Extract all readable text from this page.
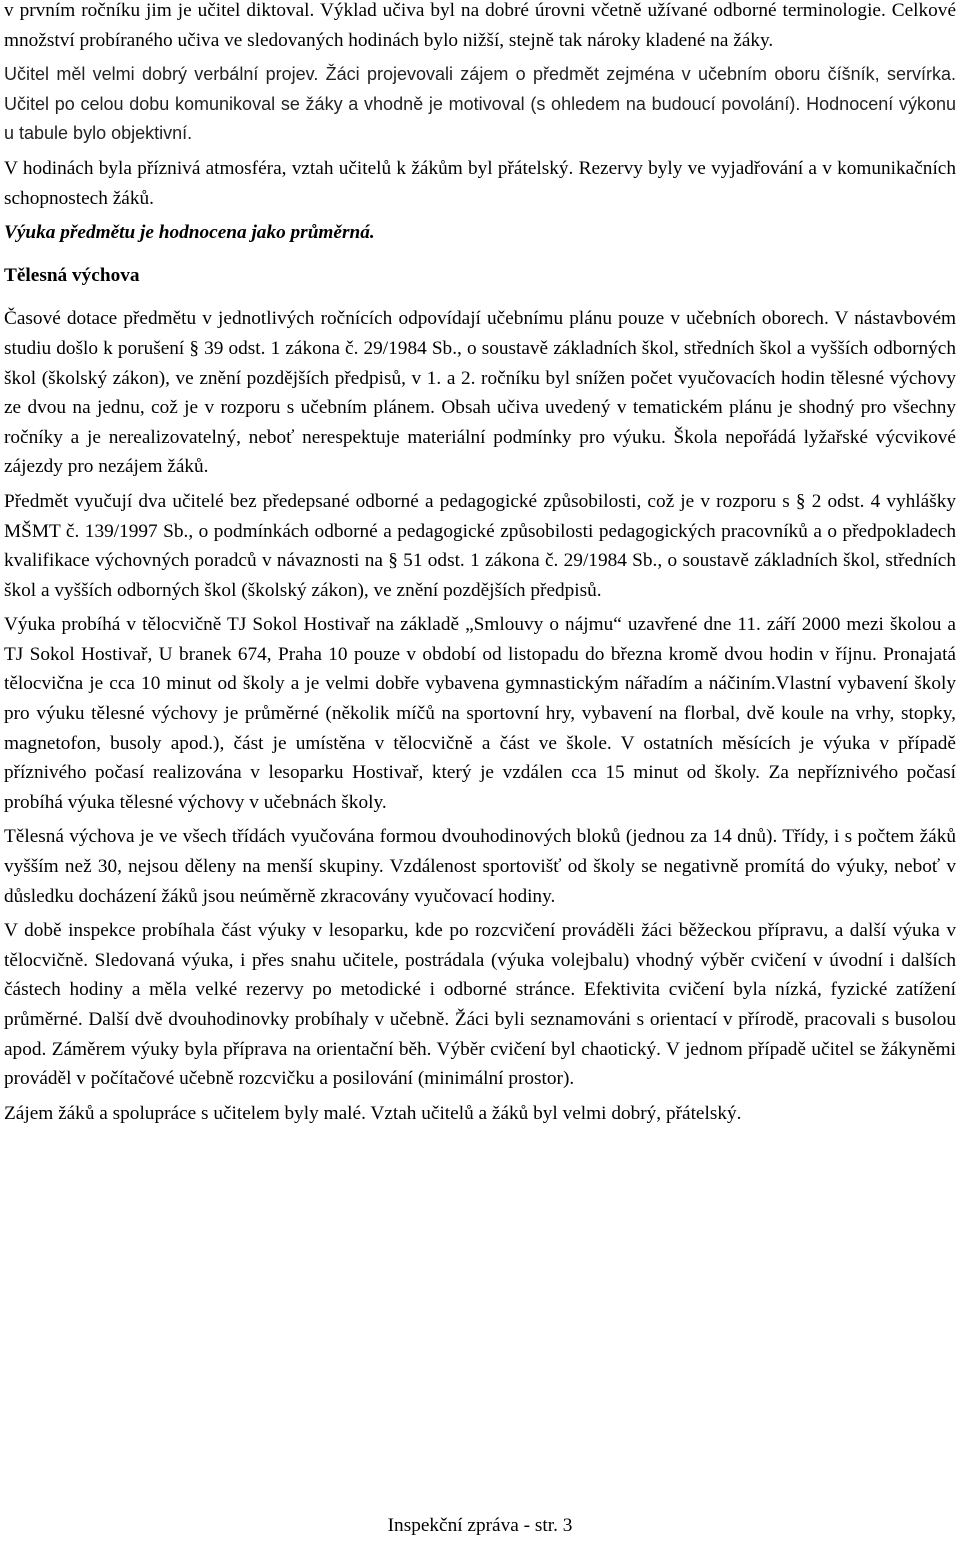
v prvním ročníku jim je učitel diktoval. Výklad učiva byl na dobré úrovni včetně užívané odborné terminologie. Celkové množství probíraného učiva ve sledovaných hodinách bylo nižší, stejně tak nároky kladené na žáky.

Učitel měl velmi dobrý verbální projev. Žáci projevovali zájem o předmět zejména v učebním oboru číšník, servírka. Učitel po celou dobu komunikoval se žáky a vhodně je motivoval (s ohledem na budoucí povolání). Hodnocení výkonu u tabule bylo objektivní.

V hodinách byla příznivá atmosféra, vztah učitelů k žákům byl přátelský. Rezervy byly ve vyjadřování a v komunikačních schopnostech žáků.

Výuka předmětu je hodnocena jako průměrná.

Tělesná výchova

Časové dotace předmětu v jednotlivých ročnících odpovídají učebnímu plánu pouze v učebních oborech. V nástavbovém studiu došlo k porušení § 39 odst. 1 zákona č. 29/1984 Sb., o soustavě základních škol, středních škol a vyšších odborných škol (školský zákon), ve znění pozdějších předpisů, v 1. a 2. ročníku byl snížen počet vyučovacích hodin tělesné výchovy ze dvou na jednu, což je v rozporu s učebním plánem. Obsah učiva uvedený v tematickém plánu je shodný pro všechny ročníky a je nerealizovatelný, neboť nerespektuje materiální podmínky pro výuku. Škola nepořádá lyžařské výcvikové zájezdy pro nezájem žáků.

Předmět vyučují dva učitelé bez předepsané odborné a pedagogické způsobilosti, což je v rozporu s § 2 odst. 4 vyhlášky MŠMT č. 139/1997 Sb., o podmínkách odborné a pedagogické způsobilosti pedagogických pracovníků a o předpokladech kvalifikace výchovných poradců v návaznosti na § 51 odst. 1 zákona č. 29/1984 Sb., o soustavě základních škol, středních škol a vyšších odborných škol (školský zákon), ve znění pozdějších předpisů.

Výuka probíhá v tělocvičně TJ Sokol Hostivař na základě „Smlouvy o nájmu“ uzavřené dne 11. září 2000 mezi školou a TJ Sokol Hostivař, U branek 674, Praha 10 pouze v období od listopadu do března kromě dvou hodin v říjnu. Pronajatá tělocvična je cca 10 minut od školy a je velmi dobře vybavena gymnastickým nářadím a náčiním.Vlastní vybavení školy pro výuku tělesné výchovy je průměrné (několik míčů na sportovní hry, vybavení na florbal, dvě koule na vrhy, stopky, magnetofon, busoly apod.), část je umístěna v tělocvičně a část ve škole. V ostatních měsících je výuka v případě příznivého počasí realizována v lesoparku Hostivař, který je vzdálen cca 15 minut od školy. Za nepříznivého počasí probíhá výuka tělesné výchovy v učebnách školy.

Tělesná výchova je ve všech třídách vyučována formou dvouhodinových bloků (jednou za 14 dnů). Třídy, i s počtem žáků vyšším než 30, nejsou děleny na menší skupiny. Vzdálenost sportovišť od školy se negativně promítá do výuky, neboť v důsledku docházení žáků jsou neúměrně zkracovány vyučovací hodiny.

V době inspekce probíhala část výuky v lesoparku, kde po rozcvičení prováděli žáci běžeckou přípravu, a další výuka v tělocvičně. Sledovaná výuka, i přes snahu učitele, postrádala (výuka volejbalu) vhodný výběr cvičení v úvodní i dalších částech hodiny a měla velké rezervy po metodické i odborné stránce. Efektivita cvičení byla nízká, fyzické zatížení průměrné. Další dvě dvouhodinovky probíhaly v učebně. Žáci byli seznamováni s orientací v přírodě, pracovali s busolou apod. Záměrem výuky byla příprava na orientační běh. Výběr cvičení byl chaotický. V jednom případě učitel se žákyněmi prováděl v počítačové učebně rozcvičku a posilování (minimální prostor).

Zájem žáků a spolupráce s učitelem byly malé. Vztah učitelů a žáků byl velmi dobrý, přátelský.

Inspekční zpráva - str. 3
